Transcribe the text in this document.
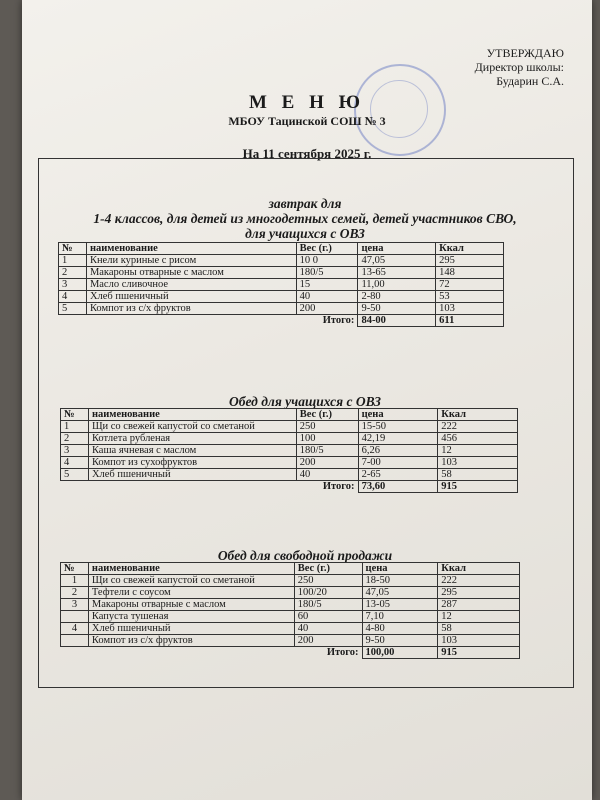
УТВЕРЖДАЮ
Директор школы:
Бударин С.А.
М Е Н Ю
МБОУ Тацинской СОШ № 3
На 11 сентября 2025 г.
завтрак для
1-4 классов, для детей из многодетных семей, детей участников СВО,
для учащихся с ОВЗ
№	наименование	Вес (г.)	цена	Ккал
1	Кнели куриные с рисом	10 0	47,05	295
2	Макароны отварные с маслом	180/5	13-65	148
3	Масло сливочное	15	11,00	72
4	Хлеб пшеничный	40	2-80	53
5	Компот из с/х фруктов	200	9-50	103
Итого:			84-00	611
Обед для учащихся с ОВЗ
№	наименование	Вес (г.)	цена	Ккал
1	Щи со свежей капустой со сметаной	250	15-50	222
2	Котлета рубленая	100	42,19	456
3	Каша ячневая с маслом	180/5	6,26	12
4	Компот из сухофруктов	200	7-00	103
5	Хлеб пшеничный	40	2-65	58
Итого:			73,60	915
Обед для свободной продажи
№	наименование	Вес (г.)	цена	Ккал
1	Щи со свежей капустой со сметаной	250	18-50	222
2	Тефтели с соусом	100/20	47,05	295
3	Макароны отварные с маслом	180/5	13-05	287
	Капуста тушеная	60	7,10	12
4	Хлеб пшеничный	40	4-80	58
	Компот из с/х фруктов	200	9-50	103
Итого:			100,00	915
